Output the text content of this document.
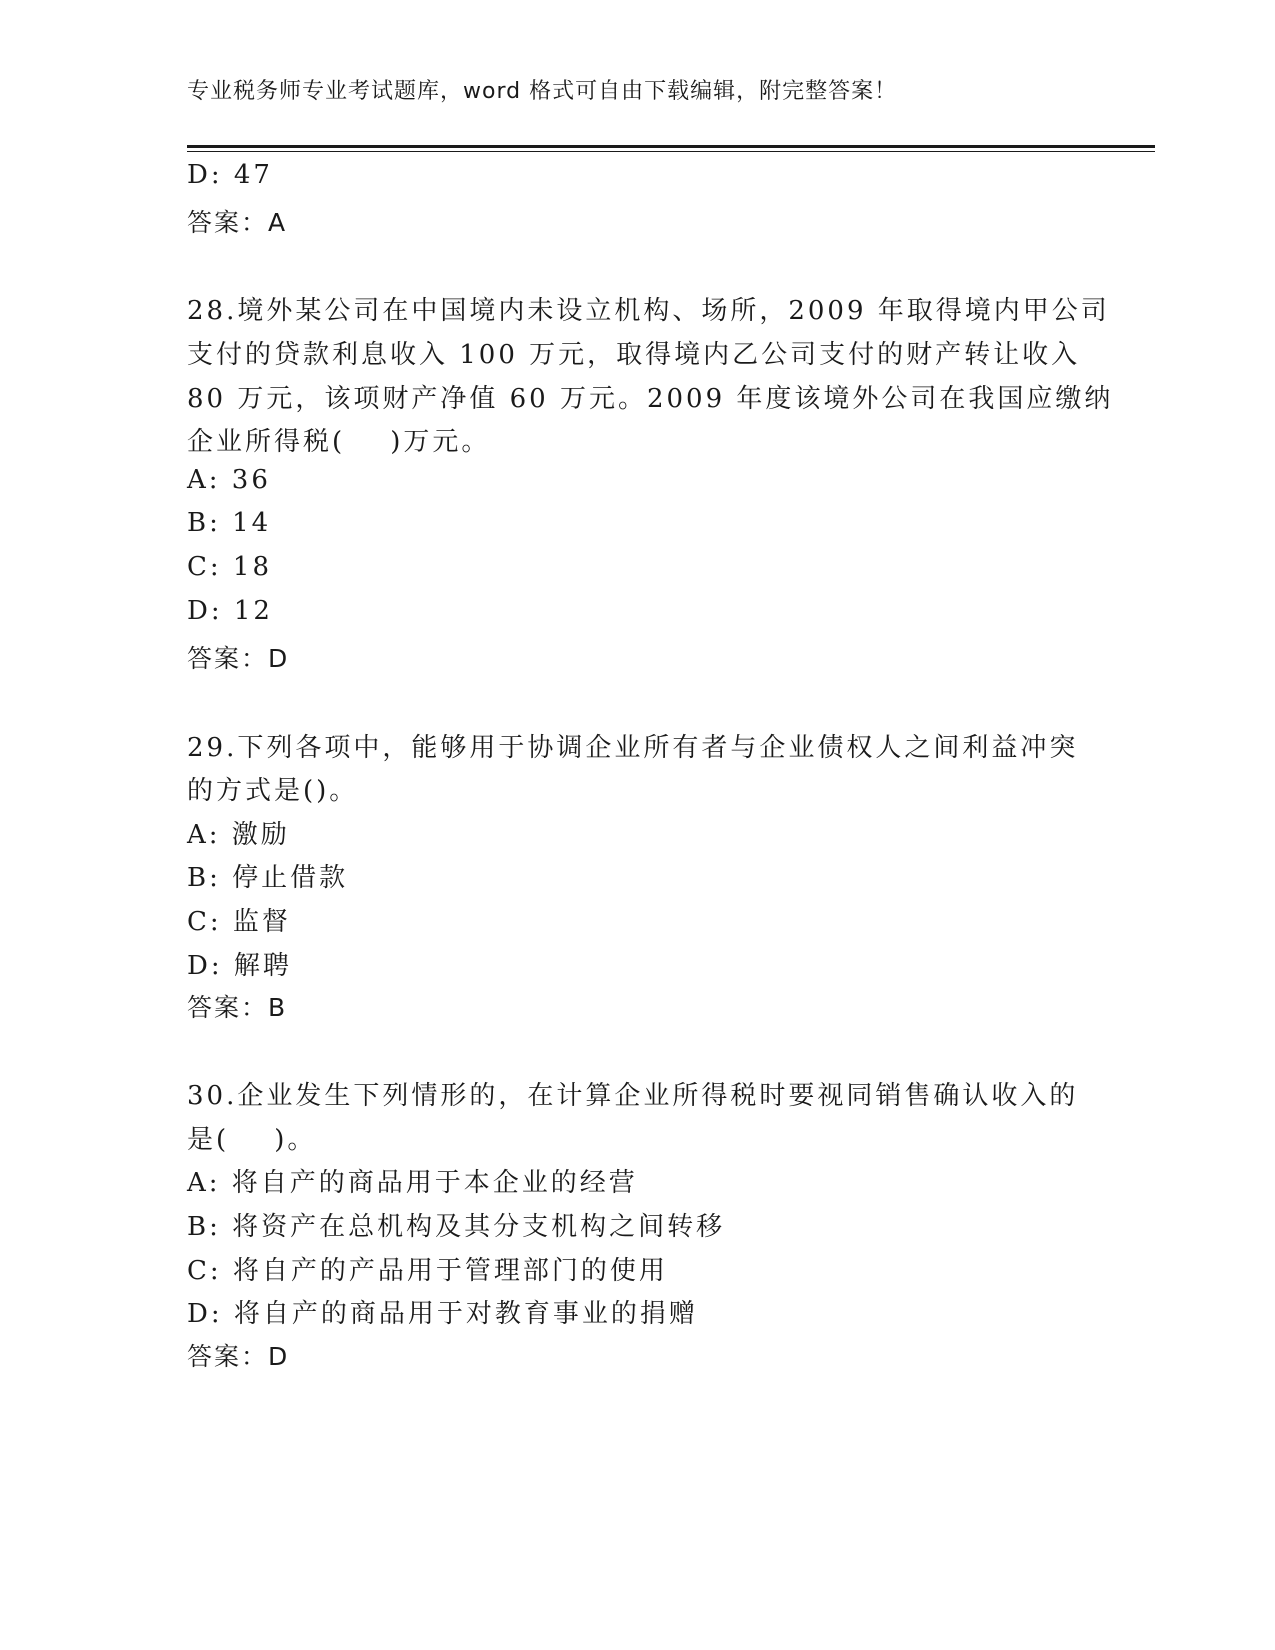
专业税务师专业考试题库，word 格式可自由下载编辑，附完整答案！
D: 47
答案：A
28.境外某公司在中国境内未设立机构、场所，2009 年取得境内甲公司
支付的贷款利息收入 100 万元，取得境内乙公司支付的财产转让收入
80 万元，该项财产净值 60 万元。2009 年度该境外公司在我国应缴纳
企业所得税(    )万元。
A: 36
B: 14
C: 18
D: 12
答案：D
29.下列各项中，能够用于协调企业所有者与企业债权人之间利益冲突
的方式是()。
A: 激励
B: 停止借款
C: 监督
D: 解聘
答案：B
30.企业发生下列情形的，在计算企业所得税时要视同销售确认收入的
是(    )。
A: 将自产的商品用于本企业的经营
B: 将资产在总机构及其分支机构之间转移
C: 将自产的产品用于管理部门的使用
D: 将自产的商品用于对教育事业的捐赠
答案：D
